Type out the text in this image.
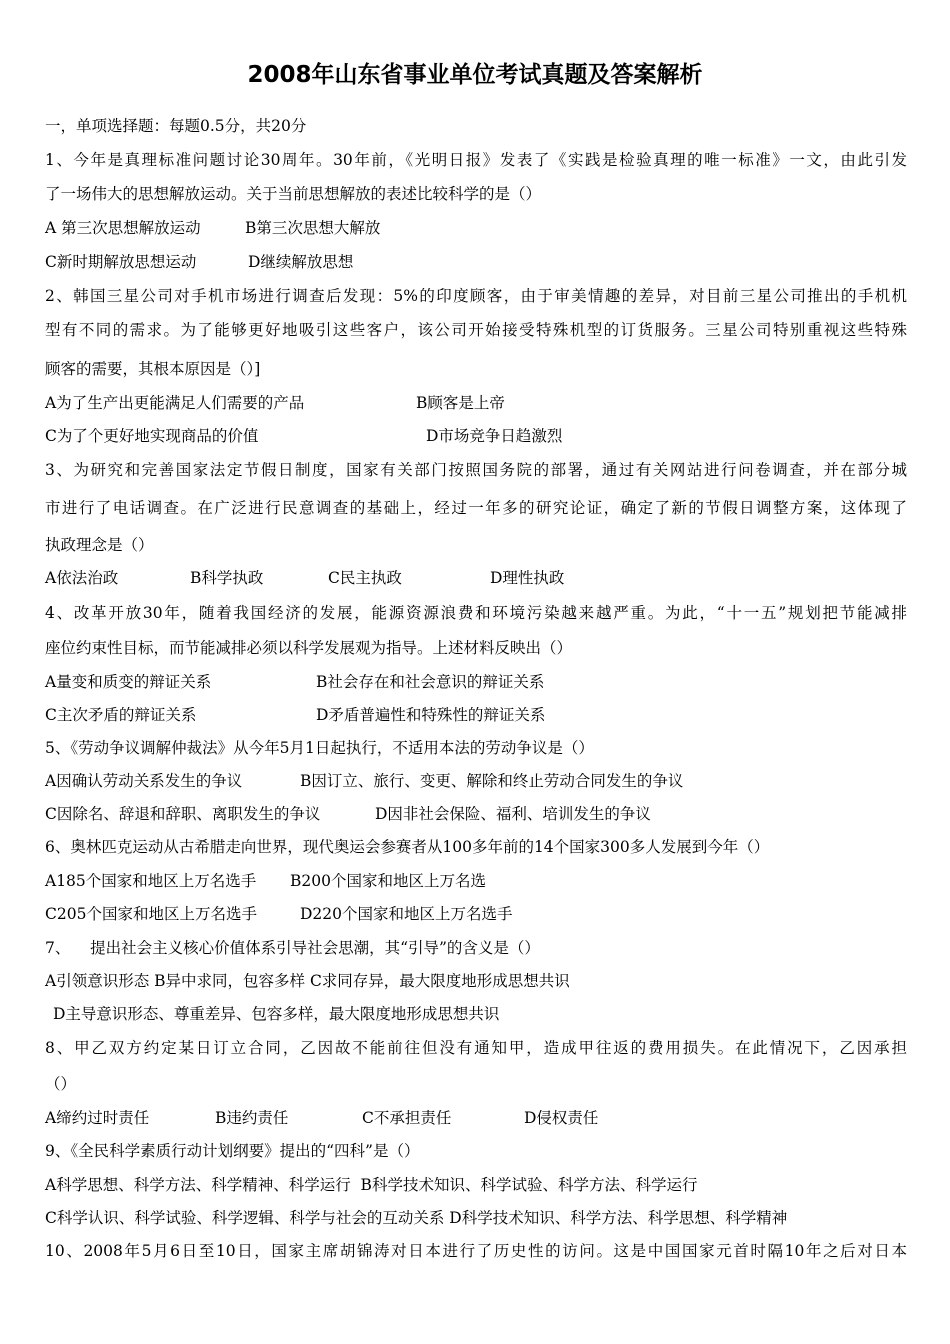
2008年山东省事业单位考试真题及答案解析
一，单项选择题：每题0.5分，共20分
1、今年是真理标准问题讨论30周年。30年前，《光明日报》发表了《实践是检验真理的唯一标准》一文，由此引发
了一场伟大的思想解放运动。关于当前思想解放的表述比较科学的是（）
A 第三次思想解放运动	B第三次思想大解放
C新时期解放思想运动	D继续解放思想
2、韩国三星公司对手机市场进行调查后发现：5%的印度顾客，由于审美情趣的差异，对目前三星公司推出的手机机
型有不同的需求。为了能够更好地吸引这些客户，该公司开始接受特殊机型的订货服务。三星公司特别重视这些特殊
顾客的需要，其根本原因是（）]
A为了生产出更能满足人们需要的产品	B顾客是上帝
C为了个更好地实现商品的价值	D市场竞争日趋激烈
3、为研究和完善国家法定节假日制度，国家有关部门按照国务院的部署，通过有关网站进行问卷调查，并在部分城
市进行了电话调查。在广泛进行民意调查的基础上，经过一年多的研究论证，确定了新的节假日调整方案，这体现了
执政理念是（）
A依法治政	B科学执政	C民主执政	D理性执政
4、改革开放30年，随着我国经济的发展，能源资源浪费和环境污染越来越严重。为此，“十一五”规划把节能减排
座位约束性目标，而节能减排必须以科学发展观为指导。上述材料反映出（）
A量变和质变的辩证关系	B社会存在和社会意识的辩证关系
C主次矛盾的辩证关系	D矛盾普遍性和特殊性的辩证关系
5、《劳动争议调解仲裁法》从今年5月1日起执行，不适用本法的劳动争议是（）
A因确认劳动关系发生的争议	B因订立、旅行、变更、解除和终止劳动合同发生的争议
C因除名、辞退和辞职、离职发生的争议	D因非社会保险、福利、培训发生的争议
6、奥林匹克运动从古希腊走向世界，现代奥运会参赛者从100多年前的14个国家300多人发展到今年（）
A185个国家和地区上万名选手 B200个国家和地区上万名选
C205个国家和地区上万名选手	D220个国家和地区上万名选手
7、    提出社会主义核心价值体系引导社会思潮，其“引导”的含义是（）
A引领意识形态 B异中求同，包容多样 C求同存异，最大限度地形成思想共识
D主导意识形态、尊重差异、包容多样，最大限度地形成思想共识
8、甲乙双方约定某日订立合同，乙因故不能前往但没有通知甲，造成甲往返的费用损失。在此情况下，乙因承担
（）
A缔约过时责任	B违约责任	C不承担责任	D侵权责任
9、《全民科学素质行动计划纲要》提出的“四科”是（）
A科学思想、科学方法、科学精神、科学运行  B科学技术知识、科学试验、科学方法、科学运行
C科学认识、科学试验、科学逻辑、科学与社会的互动关系 D科学技术知识、科学方法、科学思想、科学精神
10、2008年5月6日至10日，国家主席胡锦涛对日本进行了历史性的访问。这是中国国家元首时隔10年之后对日本
